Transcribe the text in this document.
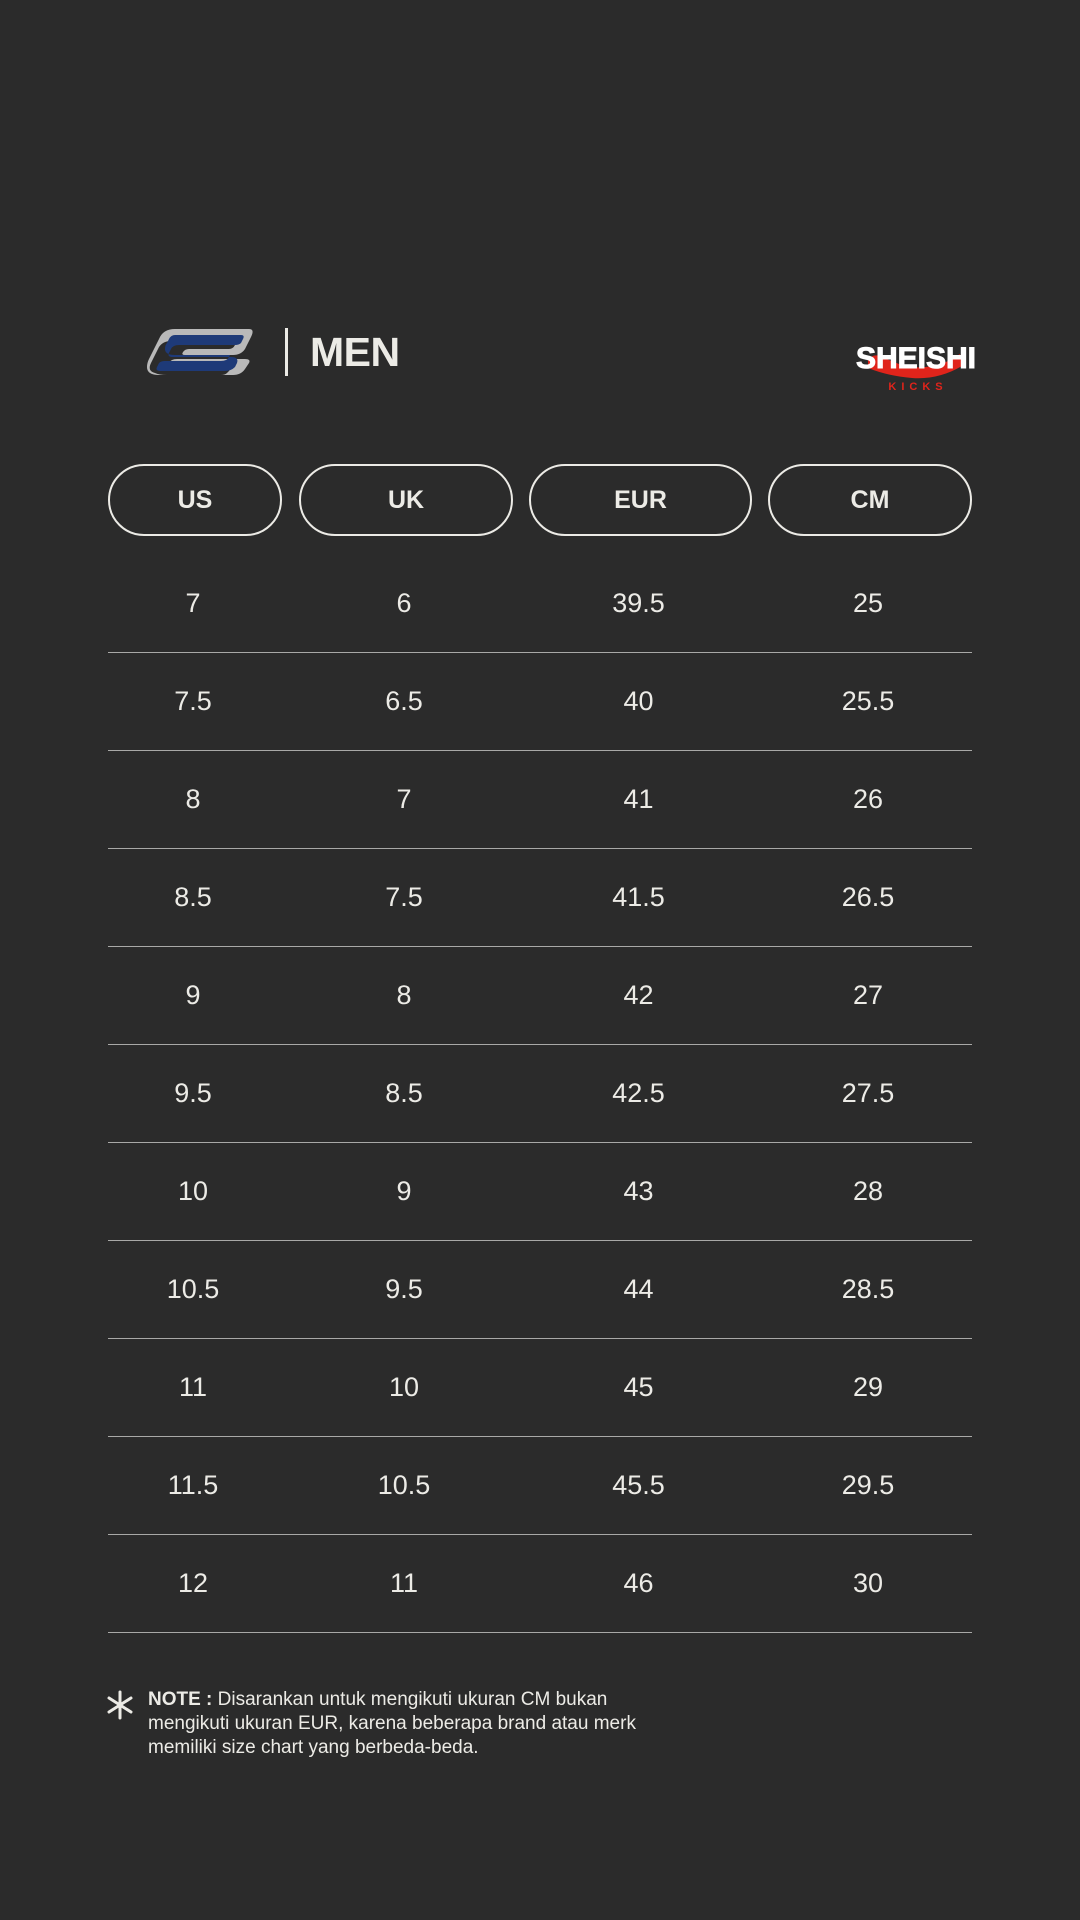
MEN	SHEISHI
KICKS
US	UK	EUR	CM
7	6	39.5	25
7.5	6.5	40	25.5
8	7	41	26
8.5	7.5	41.5	26.5
9	8	42	27
9.5	8.5	42.5	27.5
10	9	43	28
10.5	9.5	44	28.5
11	10	45	29
11.5	10.5	45.5	29.5
12	11	46	30
NOTE : Disarankan untuk mengikuti ukuran CM bukan mengikuti ukuran EUR, karena beberapa brand atau merk memiliki size chart yang berbeda-beda.
